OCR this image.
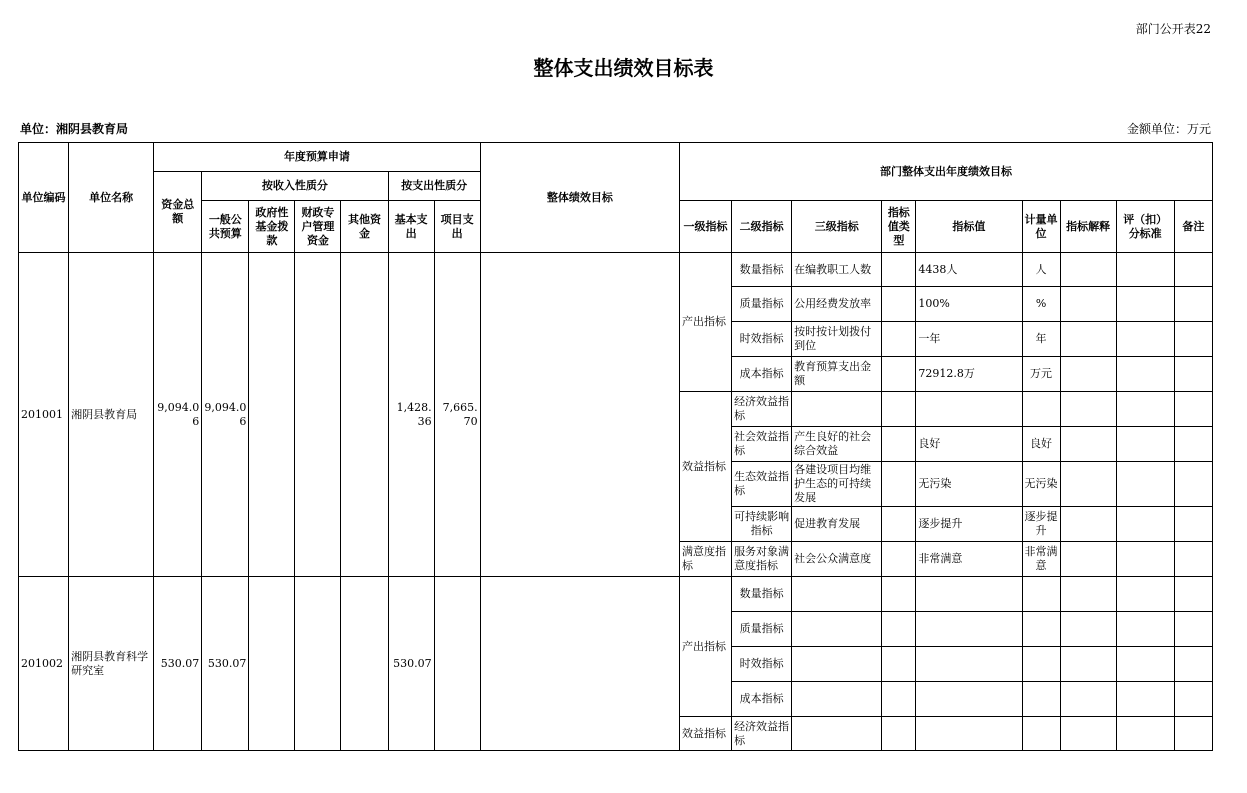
部门公开表22
整体支出绩效目标表
单位：湘阴县教育局	金额单位：万元
单位编码	单位名称	年度预算申请							整体绩效目标	部门整体支出年度绩效目标								
		资金总额	按收入性质分				按支出性质分											
			一般公共预算	政府性基金拨款	财政专户管理资金	其他资金	基本支出	项目支出		一级指标	二级指标	三级指标	指标值类型	指标值	计量单位	指标解释	评（扣）分标准	备注
201001	湘阴县教育局	9,094.06	9,094.06				1,428.36	7,665.70		产出指标	数量指标	在编教职工人数		4438人	人			
											质量指标	公用经费发放率		100%	%			
											时效指标	按时按计划拨付到位		一年	年			
											成本指标	教育预算支出金额		72912.8万	万元			
										效益指标	经济效益指标							
											社会效益指标	产生良好的社会综合效益		良好	良好			
											生态效益指标	各建设项目均维护生态的可持续发展		无污染	无污染			
											可持续影响指标	促进教育发展		逐步提升	逐步提升			
										满意度指标	服务对象满意度指标	社会公众满意度		非常满意	非常满意			
201002	湘阴县教育科学研究室	530.07	530.07				530.07			产出指标	数量指标							
											质量指标							
											时效指标							
											成本指标							
										效益指标	经济效益指标							
